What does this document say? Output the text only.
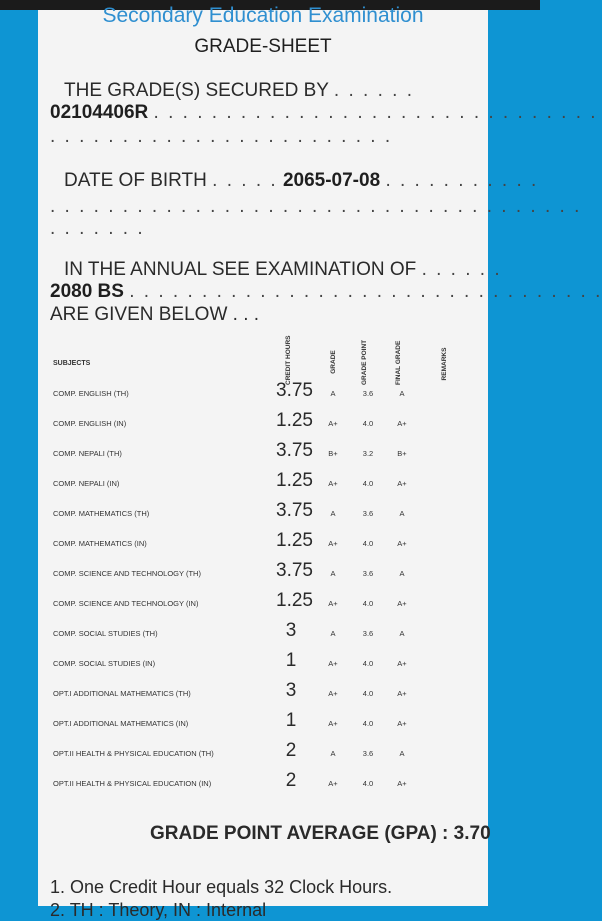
Secondary Education Examination
GRADE-SHEET
THE GRADE(S) SECURED BY . . . . . .
02104406R . . . . . . . . . . . . . . . . . . . . . . . . . . . . . . .
. . . . . . . . . . . . . . . . . . . . . . . .
DATE OF BIRTH . . . . . 2065-07-08 . . . . . . . . . . .
. . . . . . . . . . . . . . . . . . . . . . . . . . . . . . . . . . . . .
. . . . . . .
IN THE ANNUAL SEE EXAMINATION OF . . . . . .
2080 BS . . . . . . . . . . . . . . . . . . . . . . . . . . . . . . . . .
ARE GIVEN BELOW . . .
SUBJECTS	CREDIT HOURS	GRADE	GRADE POINT	FINAL GRADE	REMARKS
COMP. ENGLISH (TH)	3.75	A	3.6	A
COMP. ENGLISH (IN)	1.25	A+	4.0	A+
COMP. NEPALI (TH)	3.75	B+	3.2	B+
COMP. NEPALI (IN)	1.25	A+	4.0	A+
COMP. MATHEMATICS (TH)	3.75	A	3.6	A
COMP. MATHEMATICS (IN)	1.25	A+	4.0	A+
COMP. SCIENCE AND TECHNOLOGY (TH)	3.75	A	3.6	A
COMP. SCIENCE AND TECHNOLOGY (IN)	1.25	A+	4.0	A+
COMP. SOCIAL STUDIES (TH)	3	A	3.6	A
COMP. SOCIAL STUDIES (IN)	1	A+	4.0	A+
OPT.I ADDITIONAL MATHEMATICS (TH)	3	A+	4.0	A+
OPT.I ADDITIONAL MATHEMATICS (IN)	1	A+	4.0	A+
OPT.II HEALTH & PHYSICAL EDUCATION (TH)	2	A	3.6	A
OPT.II HEALTH & PHYSICAL EDUCATION (IN)	2	A+	4.0	A+
GRADE POINT AVERAGE (GPA) : 3.70
1. One Credit Hour equals 32 Clock Hours.
2. TH : Theory, IN : Internal
